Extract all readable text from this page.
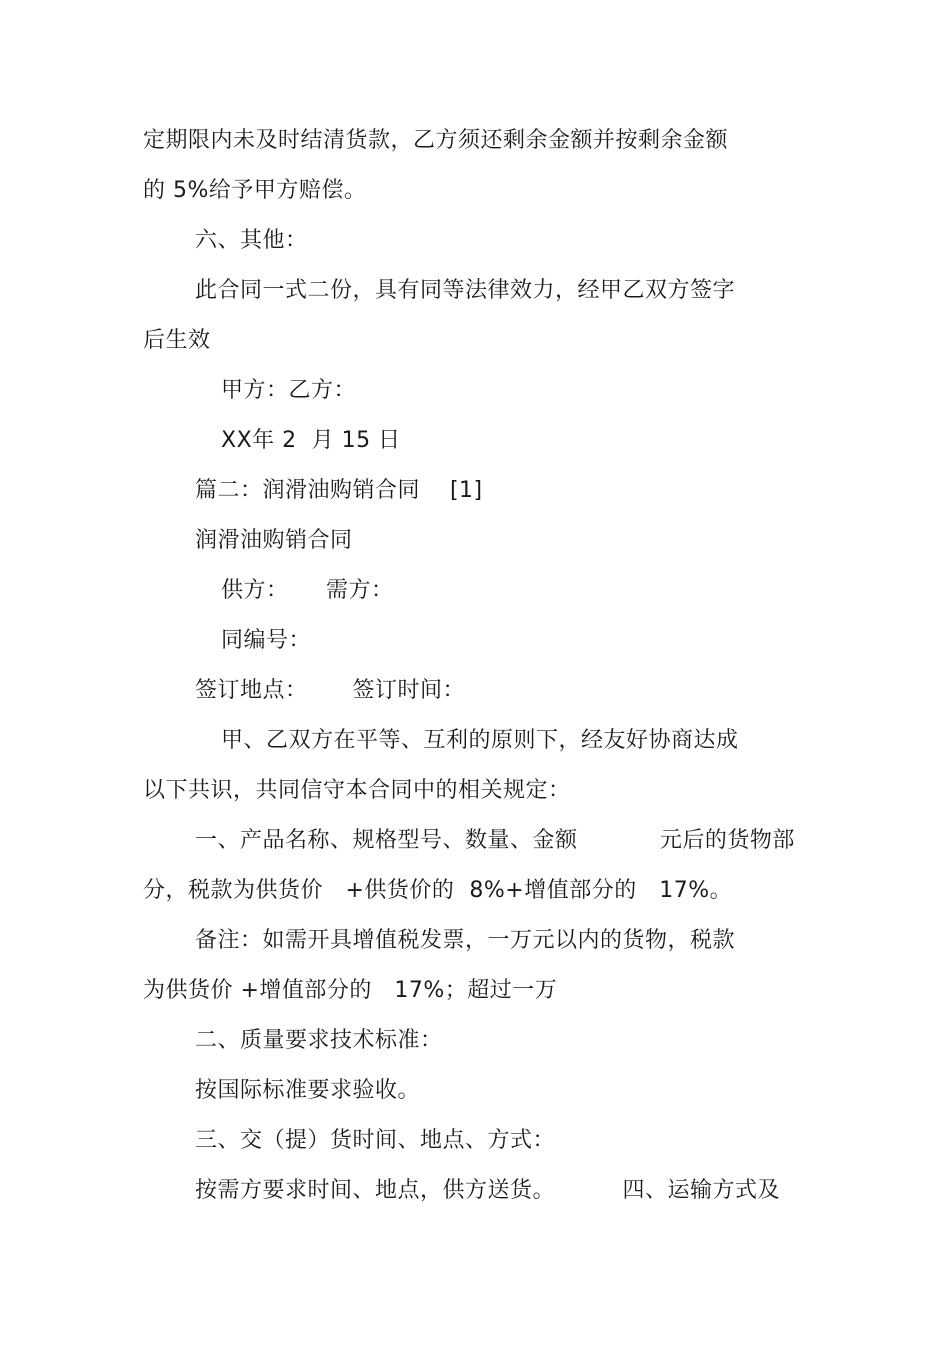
定期限内未及时结清货款，乙方须还剩余金额并按剩余金额
的 5%给予甲方赔偿。
六、其他：
此合同一式二份，具有同等法律效力，经甲乙双方签字
后生效
甲方：乙方：
XX年 2  月 15 日
篇二：润滑油购销合同    [1]
润滑油购销合同
供方：     需方：
同编号：
签订地点：      签订时间：
甲、乙双方在平等、互利的原则下，经友好协商达成
以下共识，共同信守本合同中的相关规定：
一、产品名称、规格型号、数量、金额           元后的货物部
分，税款为供货价   +供货价的  8%+增值部分的   17%。
备注：如需开具增值税发票，一万元以内的货物，税款
为供货价 +增值部分的   17%；超过一万
二、质量要求技术标准：
按国际标准要求验收。
三、交（提）货时间、地点、方式：
按需方要求时间、地点，供方送货。         四、运输方式及
